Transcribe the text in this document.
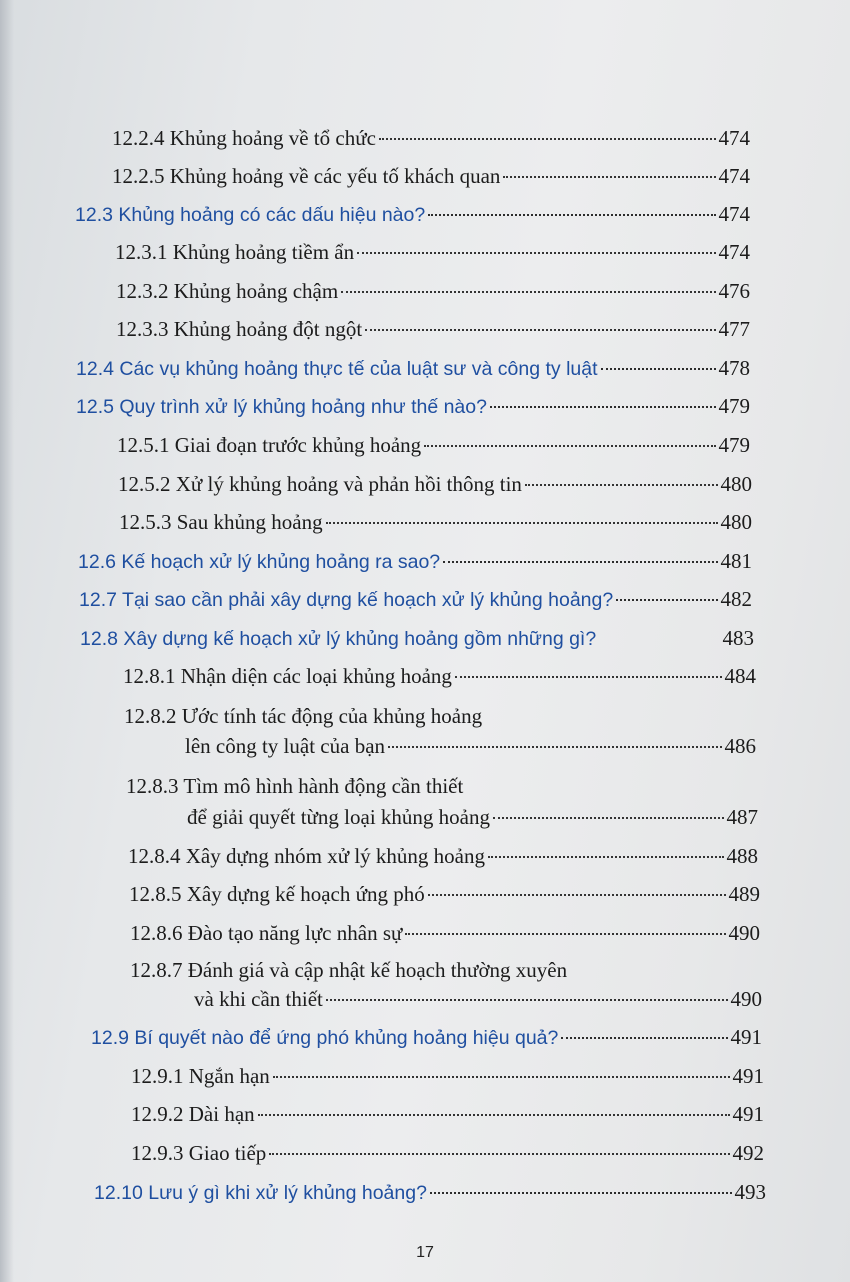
12.2.4 Khủng hoảng về tổ chức	474
12.2.5 Khủng hoảng về các yếu tố khách quan	474
12.3 Khủng hoảng có các dấu hiệu nào?	474
12.3.1 Khủng hoảng tiềm ẩn	474
12.3.2 Khủng hoảng chậm	476
12.3.3 Khủng hoảng đột ngột	477
12.4 Các vụ khủng hoảng thực tế của luật sư và công ty luật	478
12.5 Quy trình xử lý khủng hoảng như thế nào?	479
12.5.1 Giai đoạn trước khủng hoảng	479
12.5.2 Xử lý khủng hoảng và phản hồi thông tin	480
12.5.3 Sau khủng hoảng	480
12.6 Kế hoạch xử lý khủng hoảng ra sao?	481
12.7 Tại sao cần phải xây dựng kế hoạch xử lý khủng hoảng?	482
12.8 Xây dựng kế hoạch xử lý khủng hoảng gồm những gì?	483
12.8.1 Nhận diện các loại khủng hoảng	484
12.8.2 Ước tính tác động của khủng hoảng
lên công ty luật của bạn	486
12.8.3 Tìm mô hình hành động cần thiết
để giải quyết từng loại khủng hoảng	487
12.8.4 Xây dựng nhóm xử lý khủng hoảng	488
12.8.5 Xây dựng kế hoạch ứng phó	489
12.8.6 Đào tạo năng lực nhân sự	490
12.8.7 Đánh giá và cập nhật kế hoạch thường xuyên
và khi cần thiết	490
12.9 Bí quyết nào để ứng phó khủng hoảng hiệu quả?	491
12.9.1 Ngắn hạn	491
12.9.2 Dài hạn	491
12.9.3 Giao tiếp	492
12.10 Lưu ý gì khi xử lý khủng hoảng?	493
17
